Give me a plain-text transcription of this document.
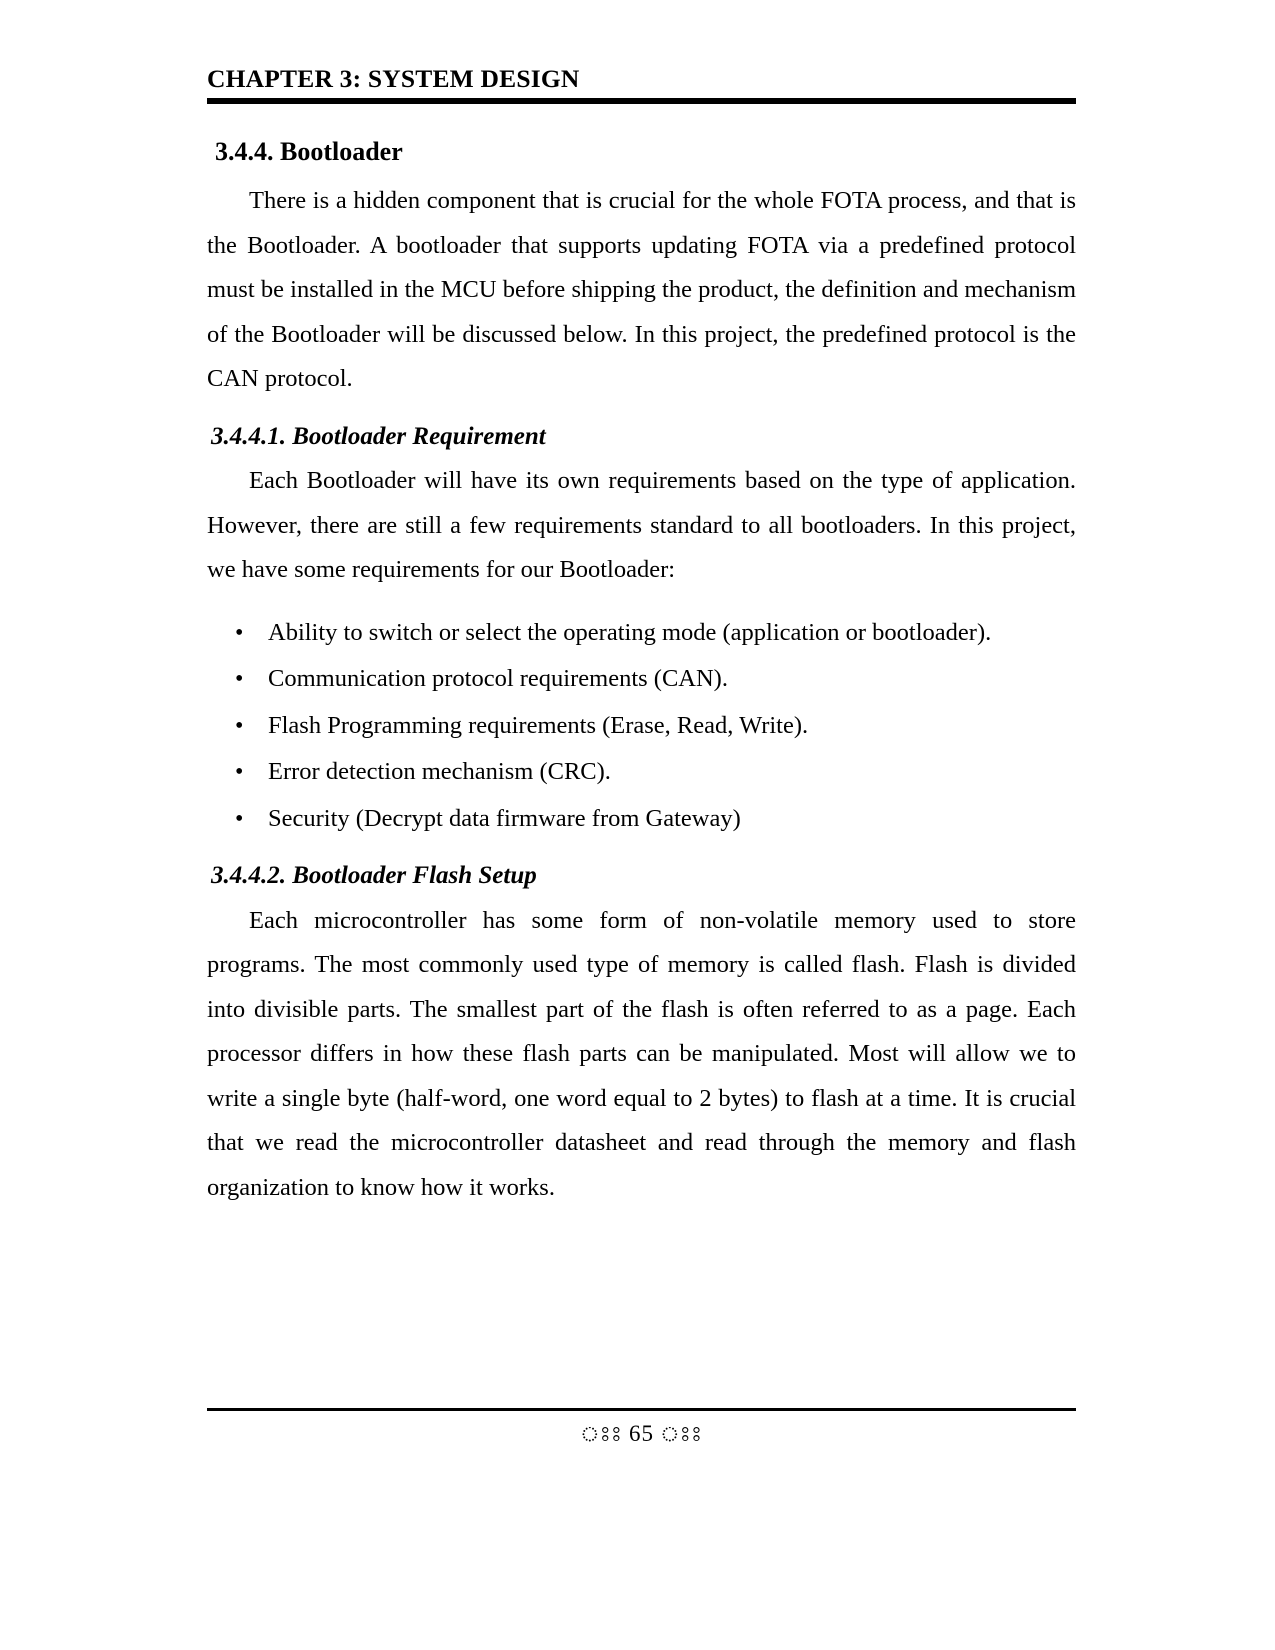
CHAPTER 3: SYSTEM DESIGN
3.4.4. Bootloader

There is a hidden component that is crucial for the whole FOTA process, and that is the Bootloader. A bootloader that supports updating FOTA via a predefined protocol must be installed in the MCU before shipping the product, the definition and mechanism of the Bootloader will be discussed below. In this project, the predefined protocol is the CAN protocol.

3.4.4.1. Bootloader Requirement

Each Bootloader will have its own requirements based on the type of application. However, there are still a few requirements standard to all bootloaders. In this project, we have some requirements for our Bootloader:

• Ability to switch or select the operating mode (application or bootloader).
• Communication protocol requirements (CAN).
• Flash Programming requirements (Erase, Read, Write).
• Error detection mechanism (CRC).
• Security (Decrypt data firmware from Gateway)
3.4.4.2. Bootloader Flash Setup

Each microcontroller has some form of non-volatile memory used to store programs. The most commonly used type of memory is called flash. Flash is divided into divisible parts. The smallest part of the flash is often referred to as a page. Each processor differs in how these flash parts can be manipulated. Most will allow we to write a single byte (half-word, one word equal to 2 bytes) to flash at a time. It is crucial that we read the microcontroller datasheet and read through the memory and flash organization to know how it works.

ঃঃ 65 ঃঃ
